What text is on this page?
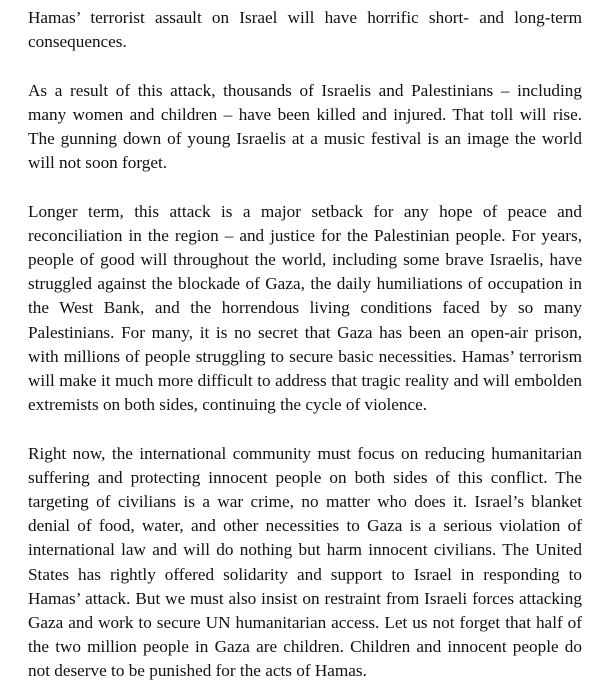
Hamas’ terrorist assault on Israel will have horrific short- and long-term consequences.

As a result of this attack, thousands of Israelis and Palestinians – including many women and children – have been killed and injured. That toll will rise. The gunning down of young Israelis at a music festival is an image the world will not soon forget.

Longer term, this attack is a major setback for any hope of peace and reconciliation in the region – and justice for the Palestinian people. For years, people of good will throughout the world, including some brave Israelis, have struggled against the blockade of Gaza, the daily humiliations of occupation in the West Bank, and the horrendous living conditions faced by so many Palestinians. For many, it is no secret that Gaza has been an open-air prison, with millions of people struggling to secure basic necessities. Hamas’ terrorism will make it much more difficult to address that tragic reality and will embolden extremists on both sides, continuing the cycle of violence.

Right now, the international community must focus on reducing humanitarian suffering and protecting innocent people on both sides of this conflict. The targeting of civilians is a war crime, no matter who does it. Israel’s blanket denial of food, water, and other necessities to Gaza is a serious violation of international law and will do nothing but harm innocent civilians. The United States has rightly offered solidarity and support to Israel in responding to Hamas’ attack. But we must also insist on restraint from Israeli forces attacking Gaza and work to secure UN humanitarian access. Let us not forget that half of the two million people in Gaza are children. Children and innocent people do not deserve to be punished for the acts of Hamas.
